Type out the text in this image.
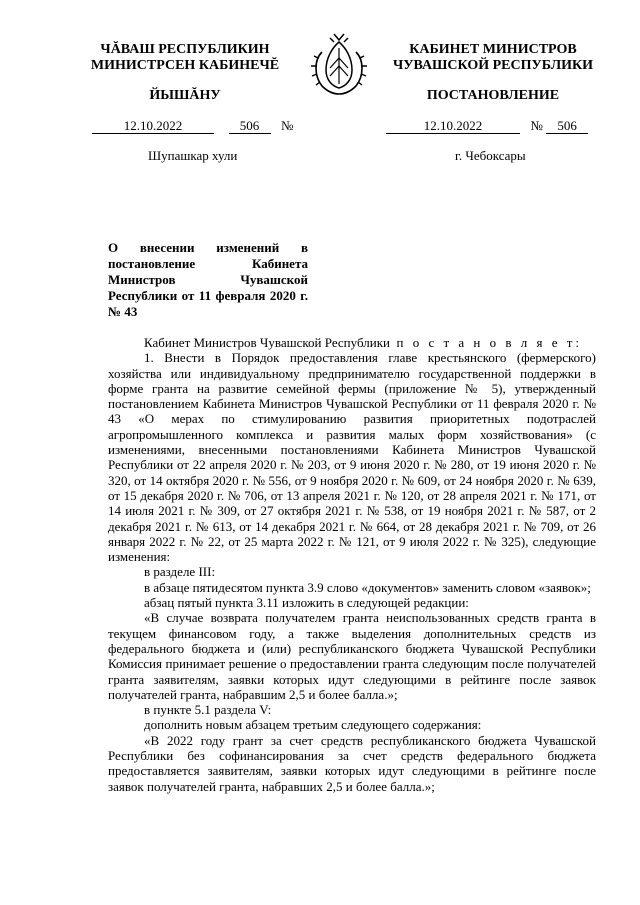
ЧĂВАШ РЕСПУБЛИКИН
МИНИСТРСЕН КАБИНЕЧĔ
КАБИНЕТ МИНИСТРОВ
ЧУВАШСКОЙ РЕСПУБЛИКИ
ЙЫШĂНУ	ПОСТАНОВЛЕНИЕ
12.10.2022	506 №	12.10.2022	№ 506
Шупашкар хули	г. Чебоксары
О внесении изменений в постановление Кабинета Министров Чувашской Республики от 11 февраля 2020 г. № 43

Кабинет Министров Чувашской Республики п о с т а н о в л я е т:

1. Внести в Порядок предоставления главе крестьянского (фермерского) хозяйства или индивидуальному предпринимателю государственной поддержки в форме гранта на развитие семейной фермы (приложение № 5), утвержденный постановлением Кабинета Министров Чувашской Республики от 11 февраля 2020 г. № 43 «О мерах по стимулированию развития приоритетных подотраслей агропромышленного комплекса и развития малых форм хозяйствования» (с изменениями, внесенными постановлениями Кабинета Министров Чувашской Республики от 22 апреля 2020 г. № 203, от 9 июня 2020 г. № 280, от 19 июня 2020 г. № 320, от 14 октября 2020 г. № 556, от 9 ноября 2020 г. № 609, от 24 ноября 2020 г. № 639, от 15 декабря 2020 г. № 706, от 13 апреля 2021 г. № 120, от 28 апреля 2021 г. № 171, от 14 июля 2021 г. № 309, от 27 октября 2021 г. № 538, от 19 ноября 2021 г. № 587, от 2 декабря 2021 г. № 613, от 14 декабря 2021 г. № 664, от 28 декабря 2021 г. № 709, от 26 января 2022 г. № 22, от 25 марта 2022 г. № 121, от 9 июля 2022 г. № 325), следующие изменения:

в разделе III:

в абзаце пятидесятом пункта 3.9 слово «документов» заменить словом «заявок»;

абзац пятый пункта 3.11 изложить в следующей редакции:

«В случае возврата получателем гранта неиспользованных средств гранта в текущем финансовом году, а также выделения дополнительных средств из федерального бюджета и (или) республиканского бюджета Чувашской Республики Комиссия принимает решение о предоставлении гранта следующим после получателей гранта заявителям, заявки которых идут следующими в рейтинге после заявок получателей гранта, набравшим 2,5 и более балла.»;

в пункте 5.1 раздела V:

дополнить новым абзацем третьим следующего содержания:

«В 2022 году грант за счет средств республиканского бюджета Чувашской Республики без софинансирования за счет средств федерального бюджета предоставляется заявителям, заявки которых идут следующими в рейтинге после заявок получателей гранта, набравших 2,5 и более балла.»;
